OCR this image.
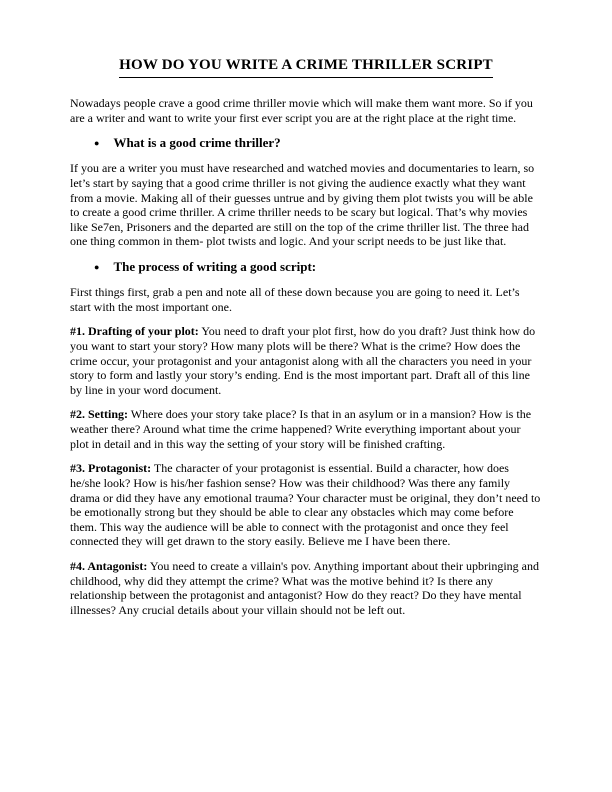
HOW DO YOU WRITE A CRIME THRILLER SCRIPT

Nowadays people crave a good crime thriller movie which will make them want more. So if you are a writer and want to write your first ever script you are at the right place at the right time.

● What is a good crime thriller?

If you are a writer you must have researched and watched movies and documentaries to learn, so let’s start by saying that a good crime thriller is not giving the audience exactly what they want from a movie. Making all of their guesses untrue and by giving them plot twists you will be able to create a good crime thriller. A crime thriller needs to be scary but logical. That’s why movies like Se7en, Prisoners and the departed are still on the top of the crime thriller list. The three had one thing common in them- plot twists and logic. And your script needs to be just like that.

● The process of writing a good script:

First things first, grab a pen and note all of these down because you are going to need it. Let’s start with the most important one.

#1. Drafting of your plot: You need to draft your plot first, how do you draft? Just think how do you want to start your story? How many plots will be there? What is the crime? How does the crime occur, your protagonist and your antagonist along with all the characters you need in your story to form and lastly your story’s ending. End is the most important part. Draft all of this line by line in your word document.

#2. Setting: Where does your story take place? Is that in an asylum or in a mansion? How is the weather there? Around what time the crime happened? Write everything important about your plot in detail and in this way the setting of your story will be finished crafting.

#3. Protagonist: The character of your protagonist is essential. Build a character, how does he/she look? How is his/her fashion sense? How was their childhood? Was there any family drama or did they have any emotional trauma? Your character must be original, they don’t need to be emotionally strong but they should be able to clear any obstacles which may come before them. This way the audience will be able to connect with the protagonist and once they feel connected they will get drawn to the story easily. Believe me I have been there.

#4. Antagonist: You need to create a villain's pov. Anything important about their upbringing and childhood, why did they attempt the crime? What was the motive behind it? Is there any relationship between the protagonist and antagonist? How do they react? Do they have mental illnesses? Any crucial details about your villain should not be left out.
